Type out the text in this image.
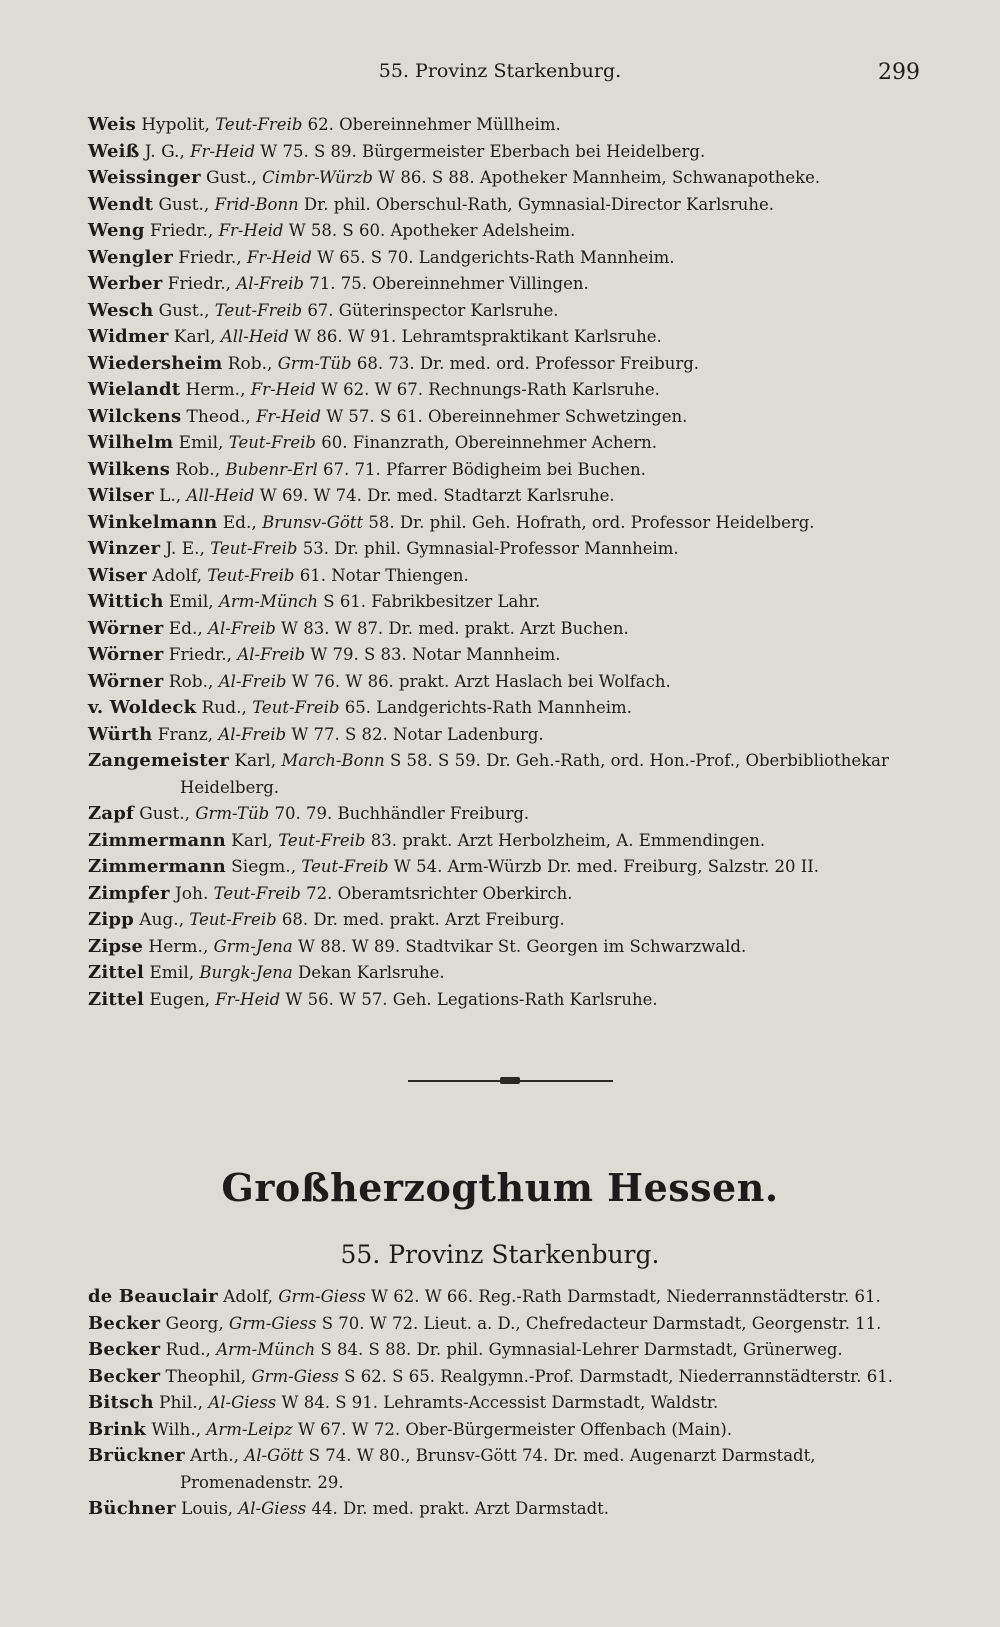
55. Provinz Starkenburg.	299
Weis Hypolit, Teut-Freib 62. Obereinnehmer Müllheim.
Weiß J. G., Fr-Heid W 75. S 89. Bürgermeister Eberbach bei Heidelberg.
Weissinger Gust., Cimbr-Würzb W 86. S 88. Apotheker Mannheim, Schwanapotheke.
Wendt Gust., Frid-Bonn Dr. phil. Oberschul-Rath, Gymnasial-Director Karlsruhe.
Weng Friedr., Fr-Heid W 58. S 60. Apotheker Adelsheim.
Wengler Friedr., Fr-Heid W 65. S 70. Landgerichts-Rath Mannheim.
Werber Friedr., Al-Freib 71. 75. Obereinnehmer Villingen.
Wesch Gust., Teut-Freib 67. Güterinspector Karlsruhe.
Widmer Karl, All-Heid W 86. W 91. Lehramtspraktikant Karlsruhe.
Wiedersheim Rob., Grm-Tüb 68. 73. Dr. med. ord. Professor Freiburg.
Wielandt Herm., Fr-Heid W 62. W 67. Rechnungs-Rath Karlsruhe.
Wilckens Theod., Fr-Heid W 57. S 61. Obereinnehmer Schwetzingen.
Wilhelm Emil, Teut-Freib 60. Finanzrath, Obereinnehmer Achern.
Wilkens Rob., Bubenr-Erl 67. 71. Pfarrer Bödigheim bei Buchen.
Wilser L., All-Heid W 69. W 74. Dr. med. Stadtarzt Karlsruhe.
Winkelmann Ed., Brunsv-Gött 58. Dr. phil. Geh. Hofrath, ord. Professor Heidelberg.
Winzer J. E., Teut-Freib 53. Dr. phil. Gymnasial-Professor Mannheim.
Wiser Adolf, Teut-Freib 61. Notar Thiengen.
Wittich Emil, Arm-Münch S 61. Fabrikbesitzer Lahr.
Wörner Ed., Al-Freib W 83. W 87. Dr. med. prakt. Arzt Buchen.
Wörner Friedr., Al-Freib W 79. S 83. Notar Mannheim.
Wörner Rob., Al-Freib W 76. W 86. prakt. Arzt Haslach bei Wolfach.
v. Woldeck Rud., Teut-Freib 65. Landgerichts-Rath Mannheim.
Würth Franz, Al-Freib W 77. S 82. Notar Ladenburg.
Zangemeister Karl, March-Bonn S 58. S 59. Dr. Geh.-Rath, ord. Hon.-Prof., Oberbibliothekar
Heidelberg.
Zapf Gust., Grm-Tüb 70. 79. Buchhändler Freiburg.
Zimmermann Karl, Teut-Freib 83. prakt. Arzt Herbolzheim, A. Emmendingen.
Zimmermann Siegm., Teut-Freib W 54. Arm-Würzb Dr. med. Freiburg, Salzstr. 20 II.
Zimpfer Joh. Teut-Freib 72. Oberamtsrichter Oberkirch.
Zipp Aug., Teut-Freib 68. Dr. med. prakt. Arzt Freiburg.
Zipse Herm., Grm-Jena W 88. W 89. Stadtvikar St. Georgen im Schwarzwald.
Zittel Emil, Burgk-Jena Dekan Karlsruhe.
Zittel Eugen, Fr-Heid W 56. W 57. Geh. Legations-Rath Karlsruhe.
Großherzogthum Hessen.
55. Provinz Starkenburg.
de Beauclair Adolf, Grm-Giess W 62. W 66. Reg.-Rath Darmstadt, Niederrannstädterstr. 61.
Becker Georg, Grm-Giess S 70. W 72. Lieut. a. D., Chefredacteur Darmstadt, Georgenstr. 11.
Becker Rud., Arm-Münch S 84. S 88. Dr. phil. Gymnasial-Lehrer Darmstadt, Grünerweg.
Becker Theophil, Grm-Giess S 62. S 65. Realgymn.-Prof. Darmstadt, Niederrannstädterstr. 61.
Bitsch Phil., Al-Giess W 84. S 91. Lehramts-Accessist Darmstadt, Waldstr.
Brink Wilh., Arm-Leipz W 67. W 72. Ober-Bürgermeister Offenbach (Main).
Brückner Arth., Al-Gött S 74. W 80., Brunsv-Gött 74. Dr. med. Augenarzt Darmstadt,
Promenadenstr. 29.
Büchner Louis, Al-Giess 44. Dr. med. prakt. Arzt Darmstadt.
